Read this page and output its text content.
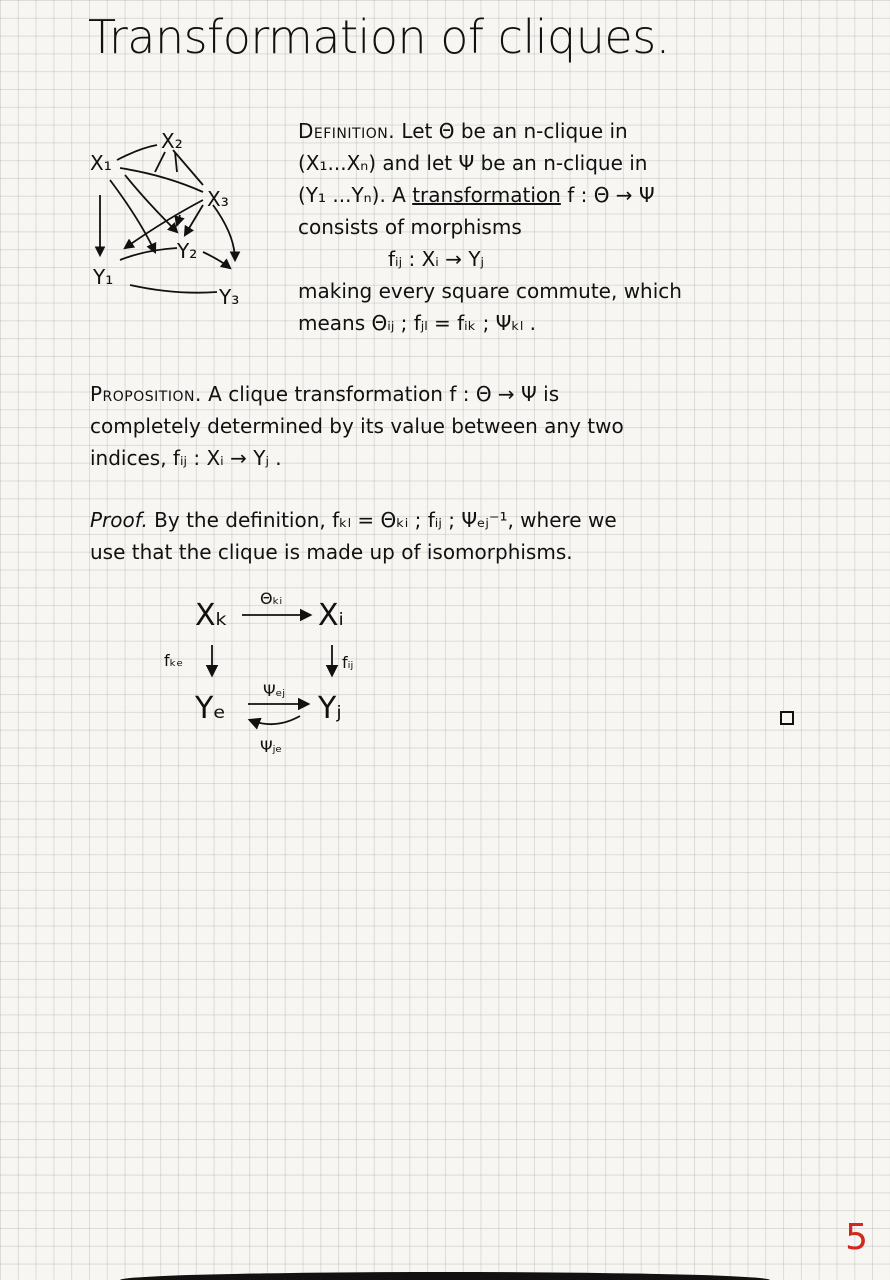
Transformation of cliques.
X₁
X₂
X₃
Y₁
Y₂
Y₃
Definition. Let Θ be an n-clique in
(X₁...Xₙ) and let Ψ be an n-clique in
(Y₁ ...Yₙ). A transformation f : Θ → Ψ
consists of morphisms
fᵢⱼ : Xᵢ → Yⱼ
making every square commute, which
means Θᵢⱼ ; fⱼₗ = fᵢₖ ; Ψₖₗ .
Proposition. A clique transformation f : Θ → Ψ is
completely determined by its value between any two
indices, fᵢⱼ : Xᵢ → Yⱼ .
Proof. By the definition, fₖₗ = Θₖᵢ ; fᵢⱼ ; Ψₑⱼ⁻¹, where we
use that the clique is made up of isomorphisms.
Xₖ	Xᵢ
Yₑ	Yⱼ
Θₖᵢ
fₖₑ	fᵢⱼ
Ψₑⱼ
Ψⱼₑ
5
